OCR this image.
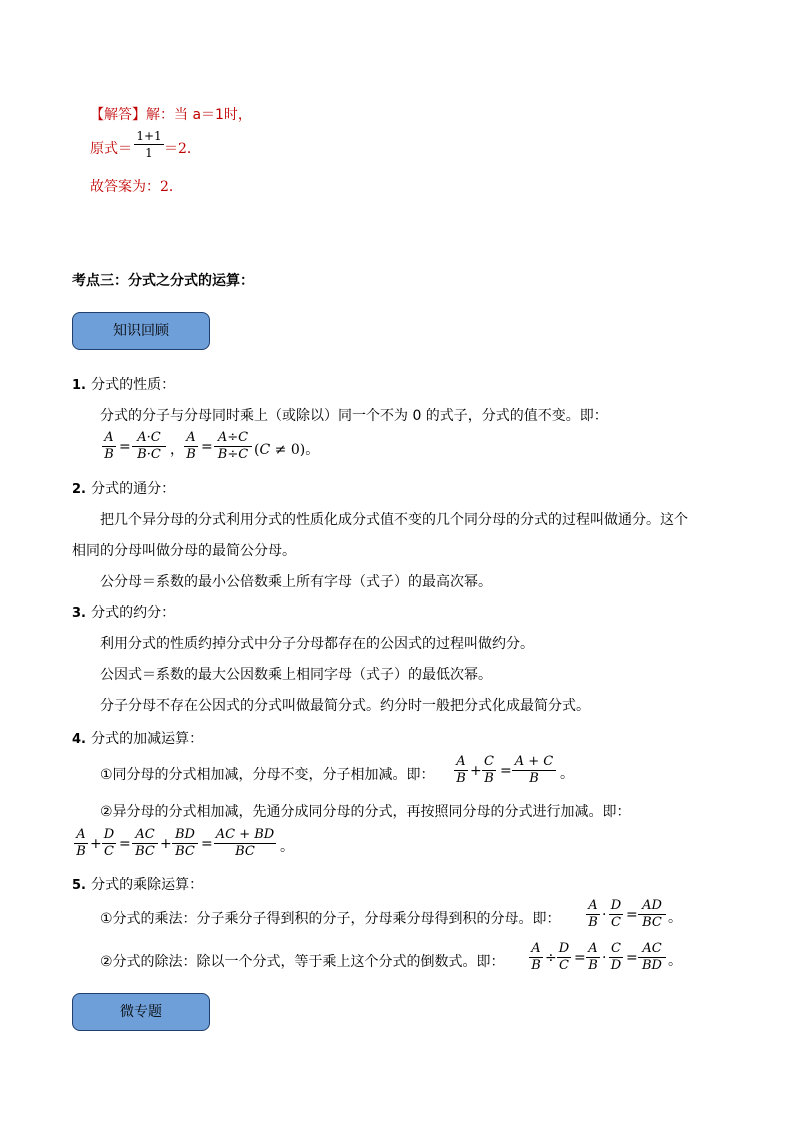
【解答】解：当 a＝1时，
原式＝
1+1
1 ＝2．
故答案为：2．
考点三：分式之分式的运算：
知识回顾
1. 分式的性质：
分式的分子与分母同时乘上（或除以）同一个不为 0 的式子，分式的值不变。即：
A
B =
A·C
B·C ，
A
B =
A÷C
B÷C (C ≠ 0)。
2. 分式的通分：
把几个异分母的分式利用分式的性质化成分式值不变的几个同分母的分式的过程叫做通分。这个
相同的分母叫做分母的最简公分母。
公分母＝系数的最小公倍数乘上所有字母（式子）的最高次幂。
3. 分式的约分：
利用分式的性质约掉分式中分子分母都存在的公因式的过程叫做约分。
公因式＝系数的最大公因数乘上相同字母（式子）的最低次幂。
分子分母不存在公因式的分式叫做最简分式。约分时一般把分式化成最简分式。
4. 分式的加减运算：
①同分母的分式相加减，分母不变，分子相加减。即：
A
B +
C
B =
A + C
B	。
②异分母的分式相加减，先通分成同分母的分式，再按照同分母的分式进行加减。即：
A
B +
D
C =
AC
BC +
BD
BC =
AC + BD
BC	。
5. 分式的乘除运算：
①分式的乘法：分子乘分子得到积的分子，分母乘分母得到积的分母。即：
A
B ·
D
C =
AD
BC 。
②分式的除法：除以一个分式，等于乘上这个分式的倒数式。即：
A
B ÷
D
C =
A
B ·
C
D =
AC
BD 。
微专题
